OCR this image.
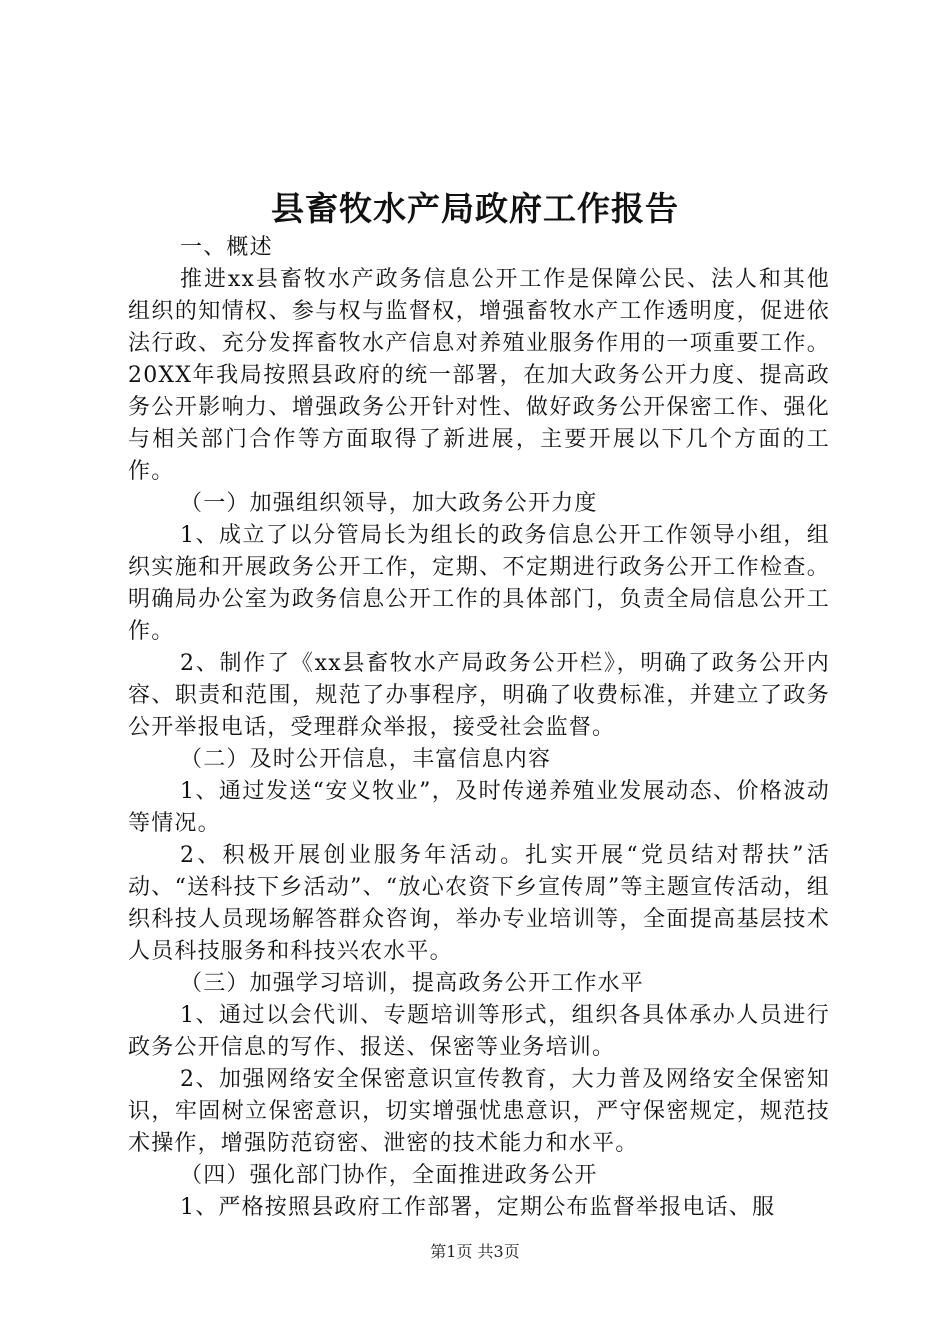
县畜牧水产局政府工作报告

一、概述

推进xx县畜牧水产政务信息公开工作是保障公民、法人和其他组织的知情权、参与权与监督权，增强畜牧水产工作透明度，促进依法行政、充分发挥畜牧水产信息对养殖业服务作用的一项重要工作。20XX年我局按照县政府的统一部署，在加大政务公开力度、提高政务公开影响力、增强政务公开针对性、做好政务公开保密工作、强化与相关部门合作等方面取得了新进展，主要开展以下几个方面的工作。

（一）加强组织领导，加大政务公开力度

1、成立了以分管局长为组长的政务信息公开工作领导小组，组织实施和开展政务公开工作，定期、不定期进行政务公开工作检查。明确局办公室为政务信息公开工作的具体部门，负责全局信息公开工作。

2、制作了《xx县畜牧水产局政务公开栏》，明确了政务公开内容、职责和范围，规范了办事程序，明确了收费标准，并建立了政务公开举报电话，受理群众举报，接受社会监督。

（二）及时公开信息，丰富信息内容

1、通过发送“安义牧业”，及时传递养殖业发展动态、价格波动等情况。

2、积极开展创业服务年活动。扎实开展“党员结对帮扶”活动、“送科技下乡活动”、“放心农资下乡宣传周”等主题宣传活动，组织科技人员现场解答群众咨询，举办专业培训等，全面提高基层技术人员科技服务和科技兴农水平。

（三）加强学习培训，提高政务公开工作水平

1、通过以会代训、专题培训等形式，组织各具体承办人员进行政务公开信息的写作、报送、保密等业务培训。

2、加强网络安全保密意识宣传教育，大力普及网络安全保密知识，牢固树立保密意识，切实增强忧患意识，严守保密规定，规范技术操作，增强防范窃密、泄密的技术能力和水平。

（四）强化部门协作，全面推进政务公开

1、严格按照县政府工作部署，定期公布监督举报电话、服

第1页 共3页
